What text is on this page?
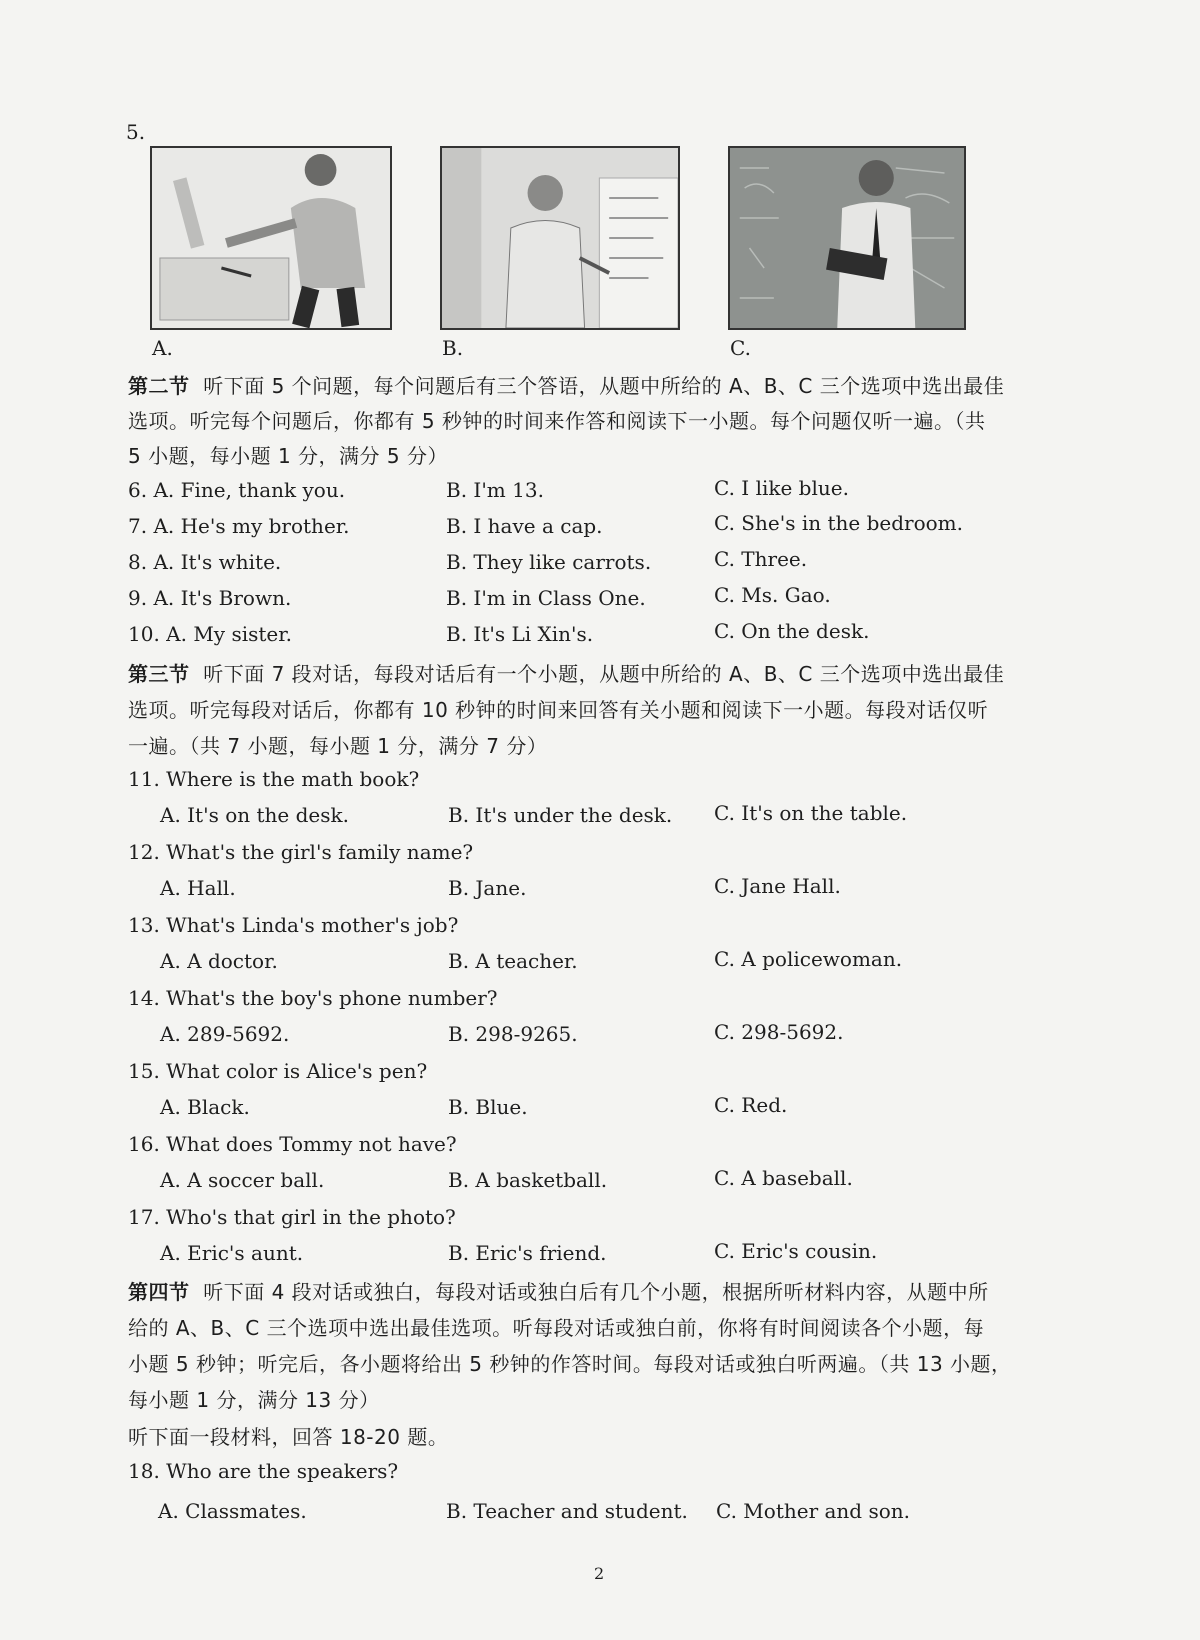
5.
A.	B.	C.
第二节 听下面 5 个问题，每个问题后有三个答语，从题中所给的 A、B、C 三个选项中选出最佳
选项。听完每个问题后，你都有 5 秒钟的时间来作答和阅读下一小题。每个问题仅听一遍。（共
5 小题，每小题 1 分，满分 5 分）
6. A. Fine, thank you.	B. I'm 13.	C. I like blue.
7. A. He's my brother.	B. I have a cap.	C. She's in the bedroom.
8. A. It's white.	B. They like carrots.	C. Three.
9. A. It's Brown.	B. I'm in Class One.	C. Ms. Gao.
10. A. My sister.	B. It's Li Xin's.	C. On the desk.
第三节 听下面 7 段对话，每段对话后有一个小题，从题中所给的 A、B、C 三个选项中选出最佳
选项。听完每段对话后，你都有 10 秒钟的时间来回答有关小题和阅读下一小题。每段对话仅听
一遍。（共 7 小题，每小题 1 分，满分 7 分）
11. Where is the math book?
A. It's on the desk.	B. It's under the desk. C. It's on the table.
12. What's the girl's family name?
A. Hall.	B. Jane.	C. Jane Hall.
13. What's Linda's mother's job?
A. A doctor.	B. A teacher.	C. A policewoman.
14. What's the boy's phone number?
A. 289-5692.	B. 298-9265.	C. 298-5692.
15. What color is Alice's pen?
A. Black.	B. Blue.	C. Red.
16. What does Tommy not have?
A. A soccer ball.	B. A basketball.	C. A baseball.
17. Who's that girl in the photo?
A. Eric's aunt.	B. Eric's friend.	C. Eric's cousin.
第四节 听下面 4 段对话或独白，每段对话或独白后有几个小题，根据所听材料内容，从题中所
给的 A、B、C 三个选项中选出最佳选项。听每段对话或独白前，你将有时间阅读各个小题，每
小题 5 秒钟；听完后，各小题将给出 5 秒钟的作答时间。每段对话或独白听两遍。（共 13 小题，
每小题 1 分，满分 13 分）
听下面一段材料，回答 18-20 题。
18. Who are the speakers?
A. Classmates.	B. Teacher and student. C. Mother and son.
2
